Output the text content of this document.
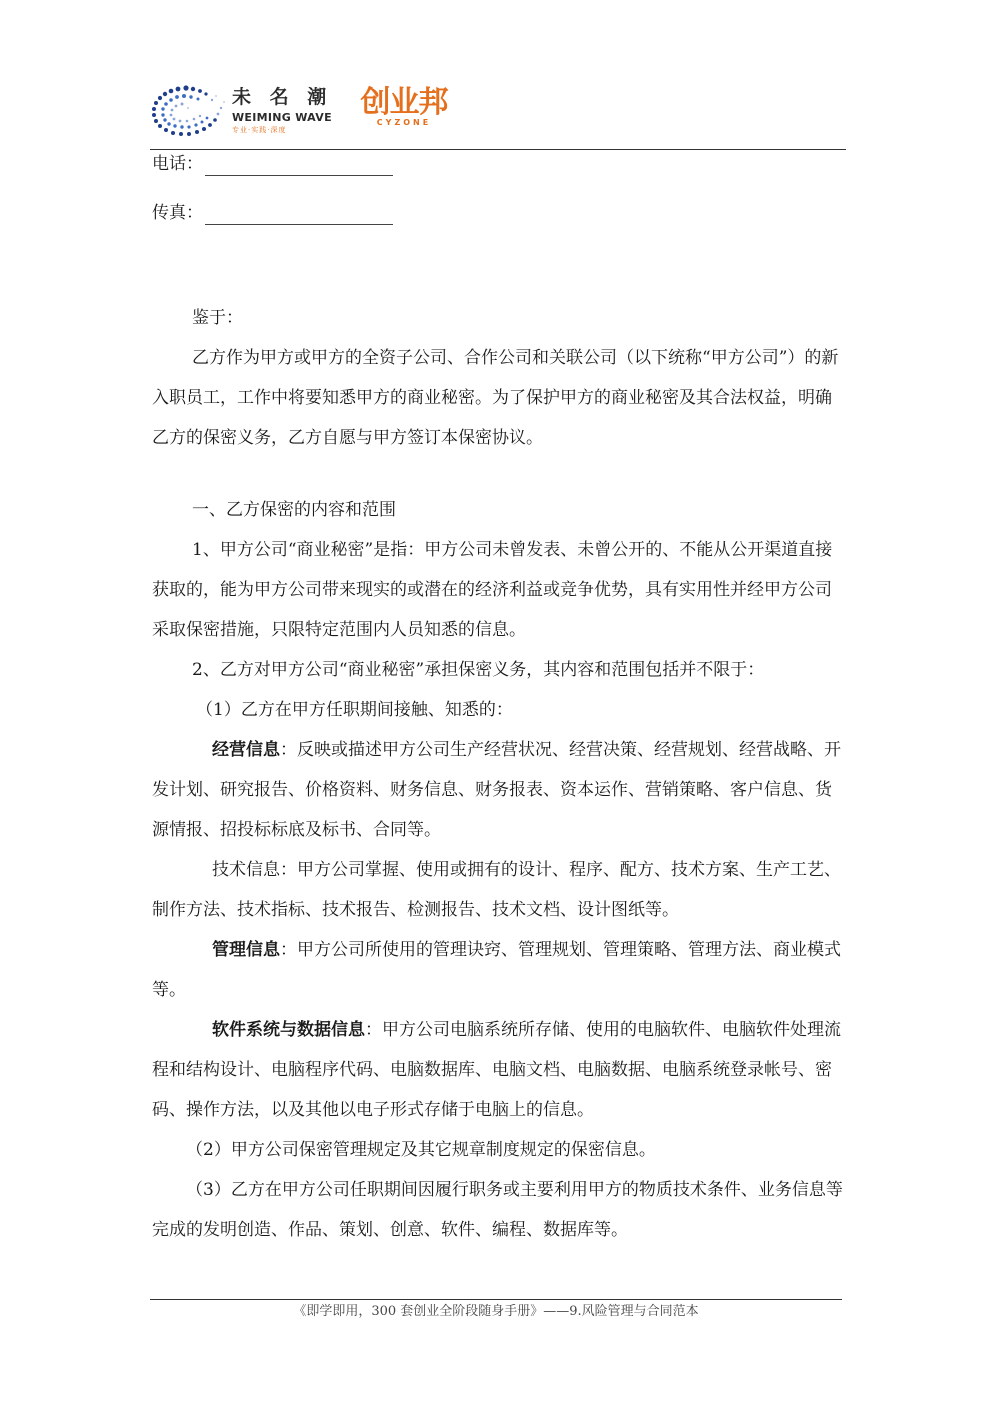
未 名 潮
WEIMING WAVE
专业·实践·深度
创业邦
CYZONE
电话：
传真：

鉴于：

乙方作为甲方或甲方的全资子公司、合作公司和关联公司（以下统称“甲方公司”）的新入职员工，工作中将要知悉甲方的商业秘密。为了保护甲方的商业秘密及其合法权益，明确乙方的保密义务，乙方自愿与甲方签订本保密协议。

一、乙方保密的内容和范围

1、甲方公司“商业秘密”是指：甲方公司未曾发表、未曾公开的、不能从公开渠道直接获取的，能为甲方公司带来现实的或潜在的经济利益或竞争优势，具有实用性并经甲方公司采取保密措施，只限特定范围内人员知悉的信息。

2、乙方对甲方公司“商业秘密”承担保密义务，其内容和范围包括并不限于：

（1）乙方在甲方任职期间接触、知悉的：

经营信息：反映或描述甲方公司生产经营状况、经营决策、经营规划、经营战略、开发计划、研究报告、价格资料、财务信息、财务报表、资本运作、营销策略、客户信息、货源情报、招投标标底及标书、合同等。

技术信息：甲方公司掌握、使用或拥有的设计、程序、配方、技术方案、生产工艺、制作方法、技术指标、技术报告、检测报告、技术文档、设计图纸等。

管理信息：甲方公司所使用的管理诀窍、管理规划、管理策略、管理方法、商业模式等。

软件系统与数据信息：甲方公司电脑系统所存储、使用的电脑软件、电脑软件处理流程和结构设计、电脑程序代码、电脑数据库、电脑文档、电脑数据、电脑系统登录帐号、密码、操作方法，以及其他以电子形式存储于电脑上的信息。

（2）甲方公司保密管理规定及其它规章制度规定的保密信息。

（3）乙方在甲方公司任职期间因履行职务或主要利用甲方的物质技术条件、业务信息等完成的发明创造、作品、策划、创意、软件、编程、数据库等。

《即学即用，300 套创业全阶段随身手册》——9.风险管理与合同范本
